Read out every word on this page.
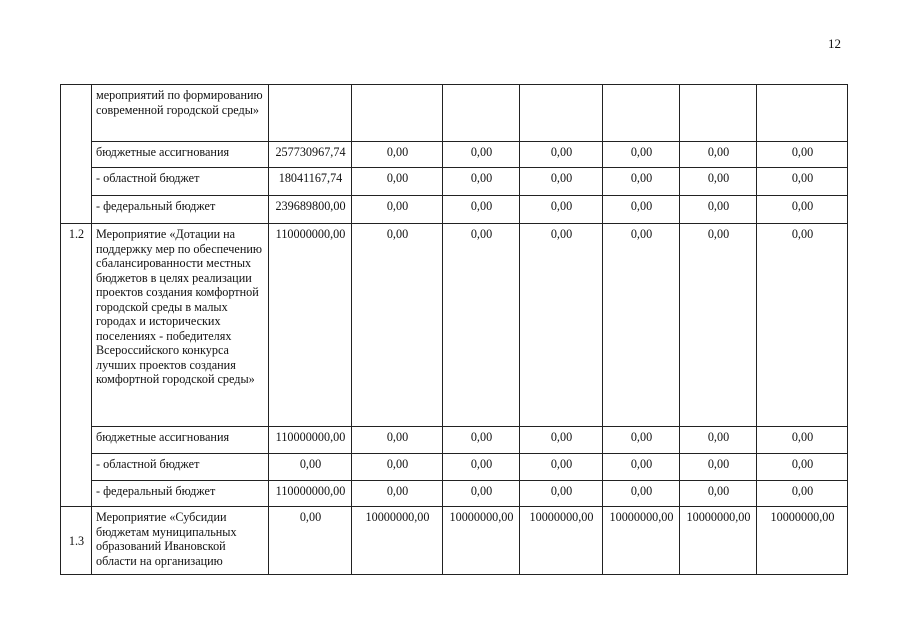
12
	мероприятий по формированию современной городской среды»							
	бюджетные ассигнования	257730967,74	0,00	0,00	0,00	0,00	0,00	0,00
	- областной бюджет	18041167,74	0,00	0,00	0,00	0,00	0,00	0,00
	- федеральный бюджет	239689800,00	0,00	0,00	0,00	0,00	0,00	0,00
1.2	Мероприятие «Дотации на поддержку мер по обеспечению сбалансированности местных бюджетов в целях реализации проектов создания комфортной городской среды в малых городах и исторических поселениях - победителях Всероссийского конкурса лучших проектов создания комфортной городской среды»	110000000,00	0,00	0,00	0,00	0,00	0,00	0,00
	бюджетные ассигнования	110000000,00	0,00	0,00	0,00	0,00	0,00	0,00
	- областной бюджет	0,00	0,00	0,00	0,00	0,00	0,00	0,00
	- федеральный бюджет	110000000,00	0,00	0,00	0,00	0,00	0,00	0,00
1.3	Мероприятие «Субсидии бюджетам муниципальных образований Ивановской области на организацию	0,00	10000000,00	10000000,00	10000000,00	10000000,00	10000000,00	10000000,00
